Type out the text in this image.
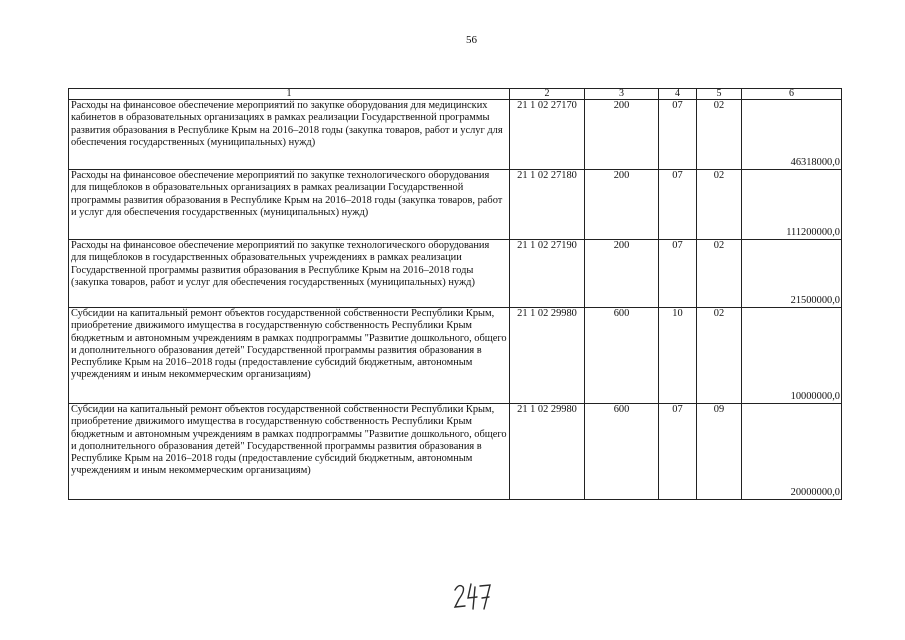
56
1	2	3	4	5	6
Расходы на финансовое обеспечение мероприятий по закупке оборудования для медицинских кабинетов в образовательных организациях в рамках реализации Государственной программы развития образования в Республике Крым на 2016–2018 годы (закупка товаров, работ и услуг для обеспечения государственных (муниципальных) нужд)	21 1 02 27170	200	07	02	46318000,0
Расходы на финансовое обеспечение мероприятий по закупке технологического оборудования для пищеблоков в образовательных организациях в рамках реализации Государственной программы развития образования в Республике Крым на 2016–2018 годы (закупка товаров, работ и услуг для обеспечения государственных (муниципальных) нужд)	21 1 02 27180	200	07	02	111200000,0
Расходы на финансовое обеспечение мероприятий по закупке технологического оборудования для пищеблоков в государственных образовательных учреждениях в рамках реализации Государственной программы развития образования в Республике Крым на 2016–2018 годы (закупка товаров, работ и услуг для обеспечения государственных (муниципальных) нужд)	21 1 02 27190	200	07	02	21500000,0
Субсидии на капитальный ремонт объектов государственной собственности Республики Крым, приобретение движимого имущества в государственную собственность Республики Крым бюджетным и автономным учреждениям в рамках подпрограммы "Развитие дошкольного, общего и дополнительного образования детей" Государственной программы развития образования в Республике Крым на 2016–2018 годы (предоставление субсидий бюджетным, автономным учреждениям и иным некоммерческим организациям)	21 1 02 29980	600	10	02	10000000,0
Субсидии на капитальный ремонт объектов государственной собственности Республики Крым, приобретение движимого имущества в государственную собственность Республики Крым бюджетным и автономным учреждениям в рамках подпрограммы "Развитие дошкольного, общего и дополнительного образования детей" Государственной программы развития образования в Республике Крым на 2016–2018 годы (предоставление субсидий бюджетным, автономным учреждениям и иным некоммерческим организациям)	21 1 02 29980	600	07	09	20000000,0
